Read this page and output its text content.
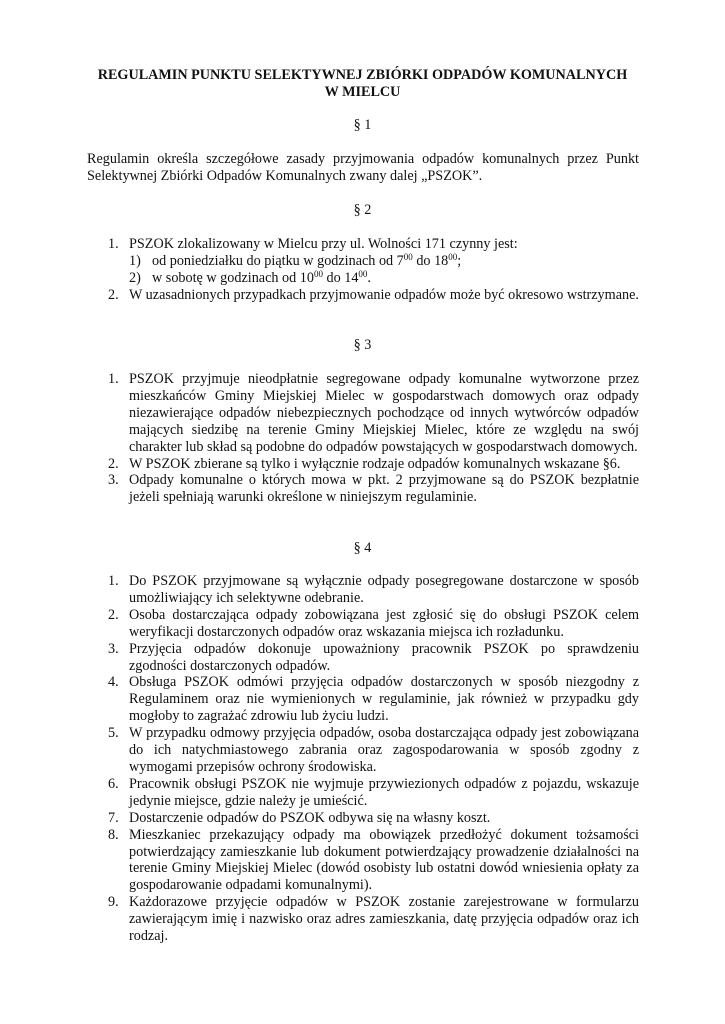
REGULAMIN PUNKTU SELEKTYWNEJ ZBIÓRKI ODPADÓW KOMUNALNYCH
W MIELCU
§ 1
Regulamin określa szczegółowe zasady przyjmowania odpadów komunalnych przez Punkt Selektywnej Zbiórki Odpadów Komunalnych zwany dalej „PSZOK”.
§ 2
1. PSZOK zlokalizowany w Mielcu przy ul. Wolności 171 czynny jest:
1) od poniedziałku do piątku w godzinach od $7^{00}$ do $18^{00}$;
2) w sobotę w godzinach od $10^{00}$ do $14^{00}$.
2. W uzasadnionych przypadkach przyjmowanie odpadów może być okresowo wstrzymane.
§ 3
1. PSZOK przyjmuje nieodpłatnie segregowane odpady komunalne wytworzone przez mieszkańców Gminy Miejskiej Mielec w gospodarstwach domowych oraz odpady niezawierające odpadów niebezpiecznych pochodzące od innych wytwórców odpadów mających siedzibę na terenie Gminy Miejskiej Mielec, które ze względu na swój charakter lub skład są podobne do odpadów powstających w gospodarstwach domowych.
2. W PSZOK zbierane są tylko i wyłącznie rodzaje odpadów komunalnych wskazane §6.
3. Odpady komunalne o których mowa w pkt. 2 przyjmowane są do PSZOK bezpłatnie jeżeli spełniają warunki określone w niniejszym regulaminie.
§ 4
1. Do PSZOK przyjmowane są wyłącznie odpady posegregowane dostarczone w sposób umożliwiający ich selektywne odebranie.
2. Osoba dostarczająca odpady zobowiązana jest zgłosić się do obsługi PSZOK celem weryfikacji dostarczonych odpadów oraz wskazania miejsca ich rozładunku.
3. Przyjęcia odpadów dokonuje upoważniony pracownik PSZOK po sprawdzeniu zgodności dostarczonych odpadów.
4. Obsługa PSZOK odmówi przyjęcia odpadów dostarczonych w sposób niezgodny z Regulaminem oraz nie wymienionych w regulaminie, jak również w przypadku gdy mogłoby to zagrażać zdrowiu lub życiu ludzi.
5. W przypadku odmowy przyjęcia odpadów, osoba dostarczająca odpady jest zobowiązana do ich natychmiastowego zabrania oraz zagospodarowania w sposób zgodny z wymogami przepisów ochrony środowiska.
6. Pracownik obsługi PSZOK nie wyjmuje przywiezionych odpadów z pojazdu, wskazuje jedynie miejsce, gdzie należy je umieścić.
7. Dostarczenie odpadów do PSZOK odbywa się na własny koszt.
8. Mieszkaniec przekazujący odpady ma obowiązek przedłożyć dokument tożsamości potwierdzający zamieszkanie lub dokument potwierdzający prowadzenie działalności na terenie Gminy Miejskiej Mielec (dowód osobisty lub ostatni dowód wniesienia opłaty za gospodarowanie odpadami komunalnymi).
9. Każdorazowe przyjęcie odpadów w PSZOK zostanie zarejestrowane w formularzu zawierającym imię i nazwisko oraz adres zamieszkania, datę przyjęcia odpadów oraz ich rodzaj.
